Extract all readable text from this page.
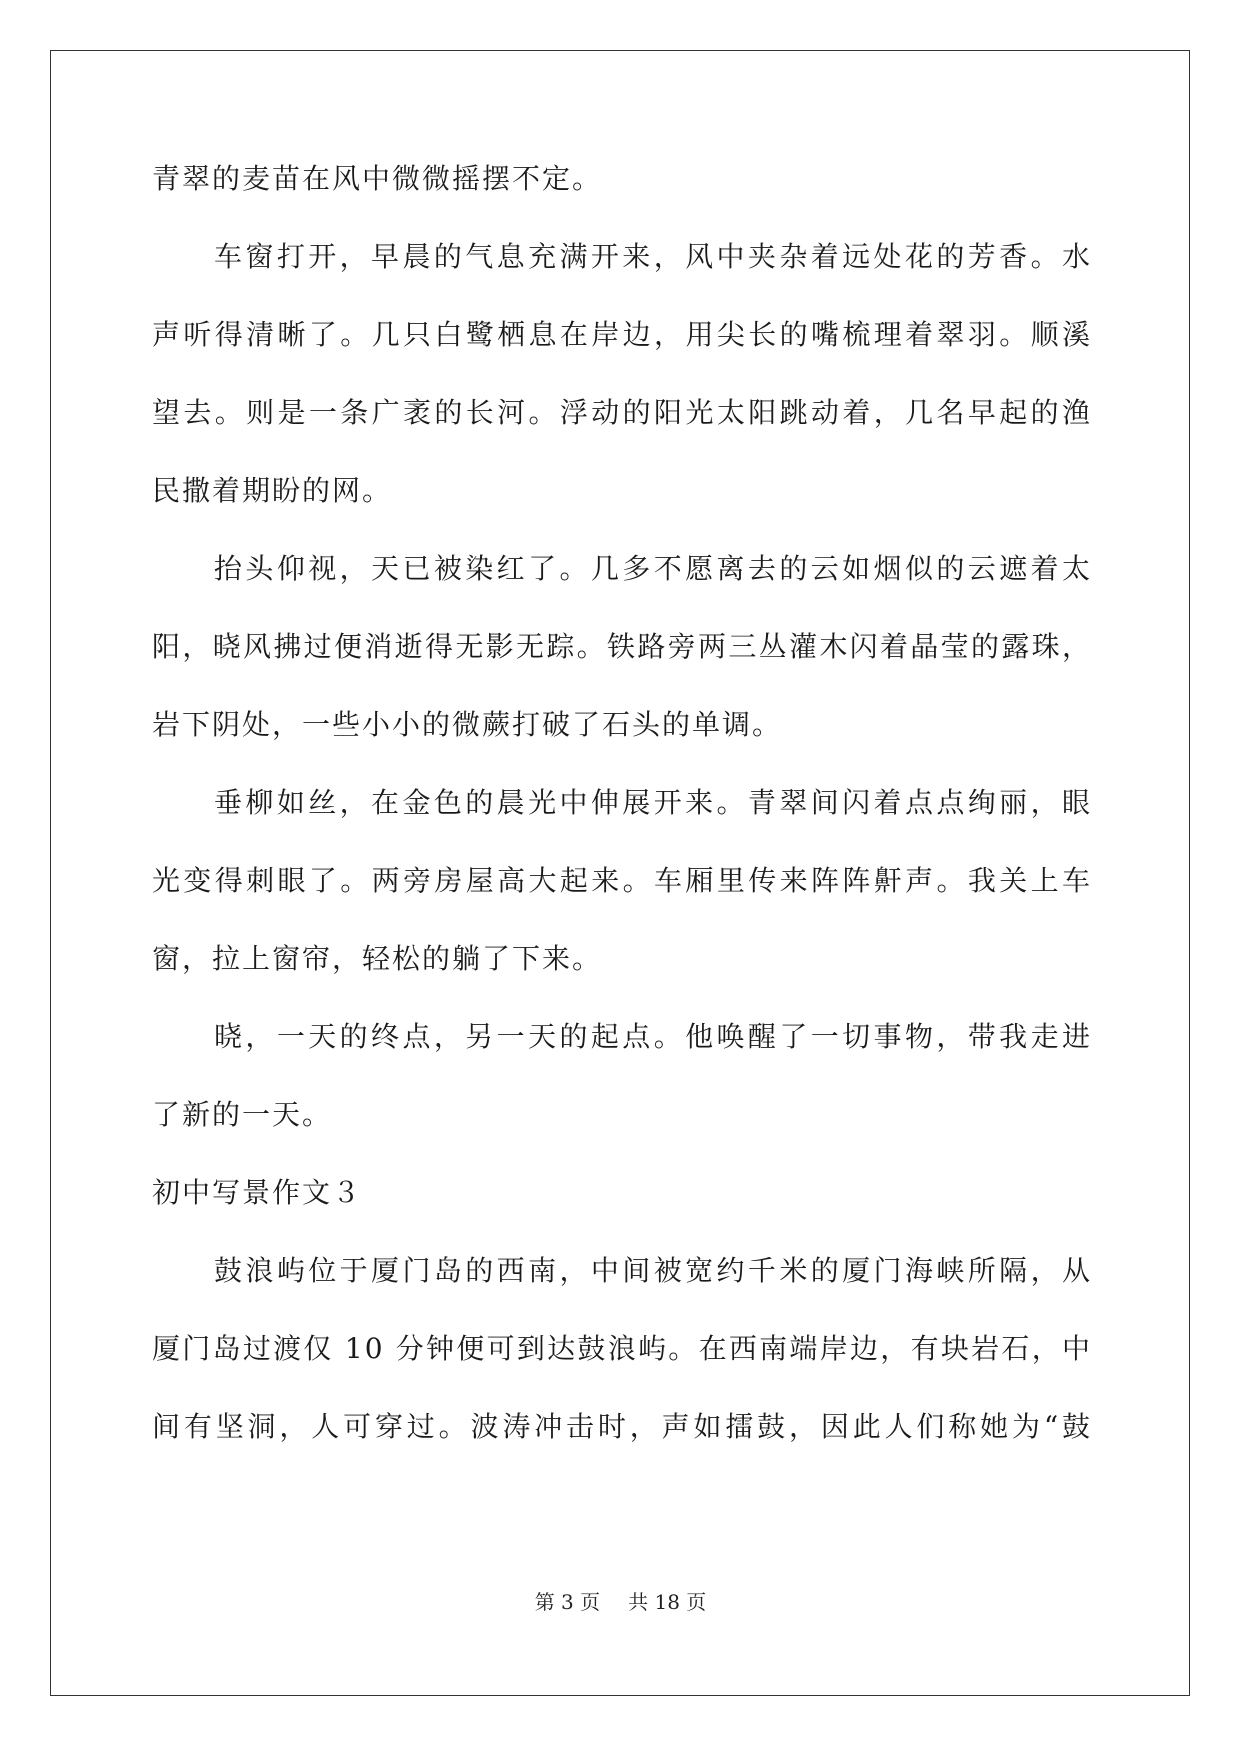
青翠的麦苗在风中微微摇摆不定。
车窗打开，早晨的气息充满开来，风中夹杂着远处花的芳香。水
声听得清晰了。几只白鹭栖息在岸边，用尖长的嘴梳理着翠羽。顺溪
望去。则是一条广袤的长河。浮动的阳光太阳跳动着，几名早起的渔
民撒着期盼的网。
抬头仰视，天已被染红了。几多不愿离去的云如烟似的云遮着太
阳，晓风拂过便消逝得无影无踪。铁路旁两三丛灌木闪着晶莹的露珠，
岩下阴处，一些小小的微蕨打破了石头的单调。
垂柳如丝，在金色的晨光中伸展开来。青翠间闪着点点绚丽，眼
光变得刺眼了。两旁房屋高大起来。车厢里传来阵阵鼾声。我关上车
窗，拉上窗帘，轻松的躺了下来。
晓，一天的终点，另一天的起点。他唤醒了一切事物，带我走进
了新的一天。
初中写景作文３
鼓浪屿位于厦门岛的西南，中间被宽约千米的厦门海峡所隔，从
厦门岛过渡仅 10 分钟便可到达鼓浪屿。在西南端岸边，有块岩石，中
间有坚洞，人可穿过。波涛冲击时，声如擂鼓，因此人们称她为“鼓
第 3 页 共 18 页
